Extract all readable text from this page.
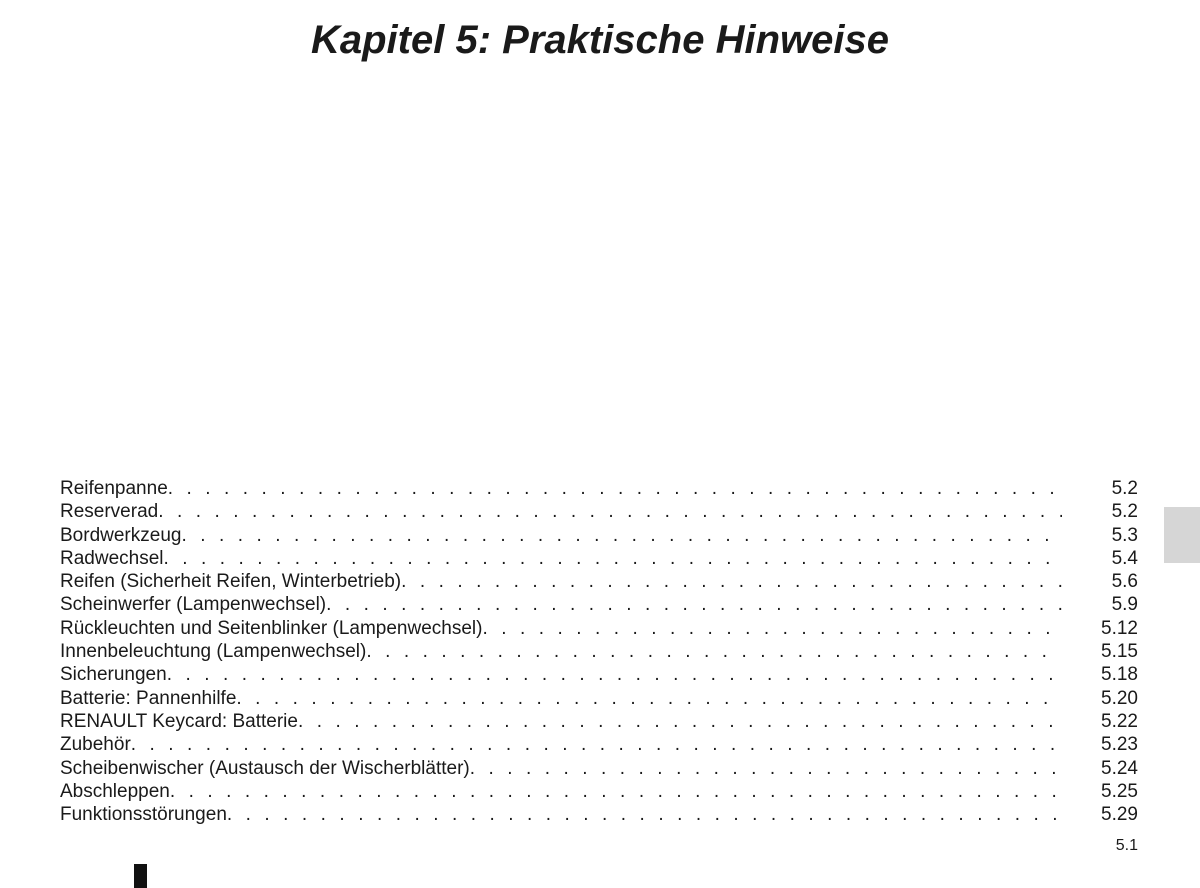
Kapitel 5: Praktische Hinweise
Reifenpanne . . .	5.2
Reserverad . . .	5.2
Bordwerkzeug . . .	5.3
Radwechsel . . .	5.4
Reifen (Sicherheit Reifen, Winterbetrieb) . . .	5.6
Scheinwerfer (Lampenwechsel) . . .	5.9
Rückleuchten und Seitenblinker (Lampenwechsel) . . .	5.12
Innenbeleuchtung (Lampenwechsel) . . .	5.15
Sicherungen . . .	5.18
Batterie: Pannenhilfe . . .	5.20
RENAULT Keycard: Batterie . . .	5.22
Zubehör . . .	5.23
Scheibenwischer (Austausch der Wischerblätter) . . .	5.24
Abschleppen . . .	5.25
Funktionsstörungen . . .	5.29
5.1
